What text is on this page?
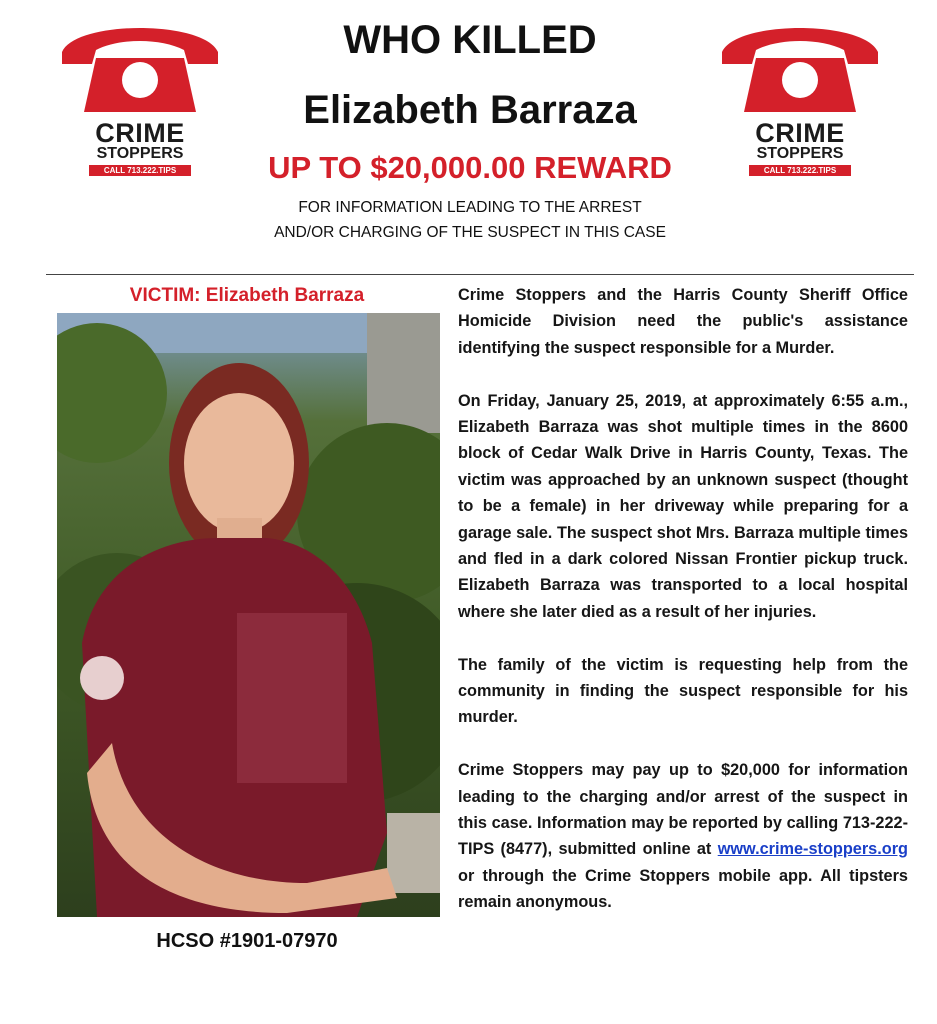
CRIME
STOPPERS
CALL 713.222.TIPS
CRIME
STOPPERS
CALL 713.222.TIPS
WHO KILLED
Elizabeth Barraza
UP TO $20,000.00 REWARD
FOR INFORMATION LEADING TO THE ARREST
AND/OR CHARGING OF THE SUSPECT IN THIS CASE
VICTIM: Elizabeth Barraza
HCSO #1901-07970

Crime Stoppers and the Harris County Sheriff Office Homicide Division need the public's assistance identifying the suspect responsible for a Murder.

On Friday, January 25, 2019, at approximately 6:55 a.m., Elizabeth Barraza was shot multiple times in the 8600 block of Cedar Walk Drive in Harris County, Texas. The victim was approached by an unknown suspect (thought to be a female) in her driveway while preparing for a garage sale. The suspect shot Mrs. Barraza multiple times and fled in a dark colored Nissan Frontier pickup truck. Elizabeth Barraza was transported to a local hospital where she later died as a result of her injuries.

The family of the victim is requesting help from the community in finding the suspect responsible for his murder.

Crime Stoppers may pay up to $20,000 for information leading to the charging and/or arrest of the suspect in this case. Information may be reported by calling 713-222-TIPS (8477), submitted online at www.crime-stoppers.org or through the Crime Stoppers mobile app. All tipsters remain anonymous.
